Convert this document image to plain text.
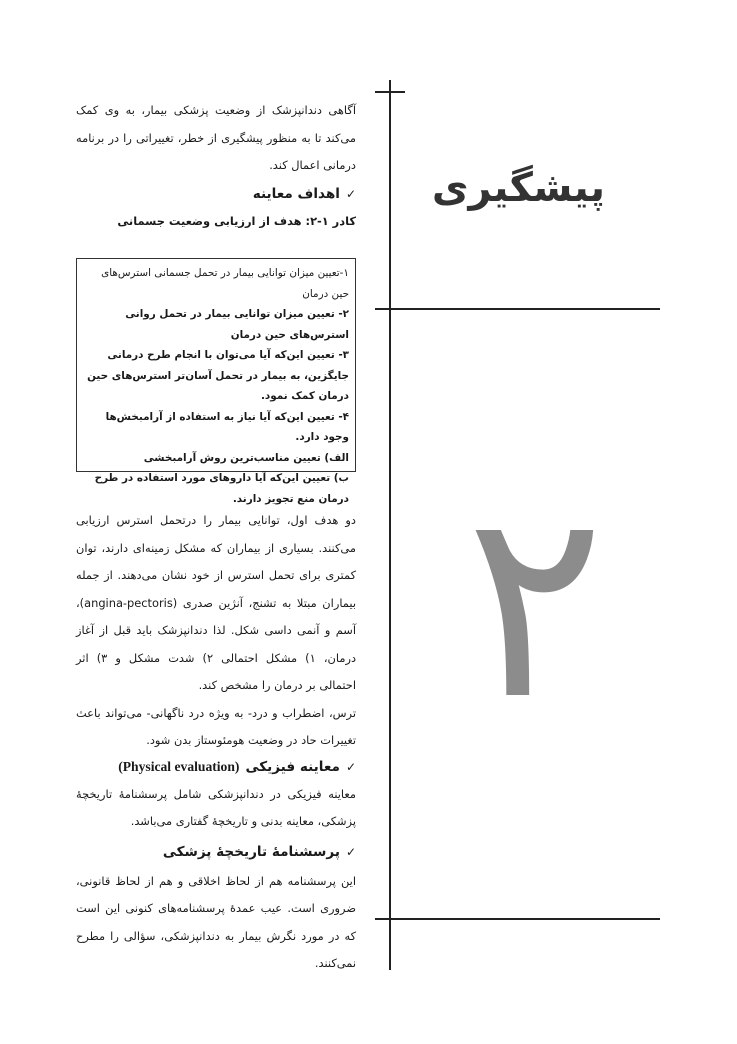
پیشگیری
۲

آگاهی دندانپزشک از وضعیت پزشکی بیمار، به وی کمک می‌کند تا به منظور پیشگیری از خطر، تغییراتی را در برنامه درمانی اعمال کند.

✓
اهداف معاینه

کادر ۱-۲: هدف از ارزیابی وضعیت جسمانی

۱-تعیین میزان توانایی بیمار در تحمل جسمانی استرس‌های حین درمان

۲- تعیین میزان توانایی بیمار در تحمل روانی استرس‌های حین درمان

۳- تعیین این‌که آیا می‌توان با انجام طرح درمانی جایگزین، به بیمار در تحمل آسان‌تر استرس‌های حین درمان کمک نمود.

۴- تعیین این‌که آیا نیاز به استفاده از آرامبخش‌ها وجود دارد.

الف) تعیین مناسب‌ترین روش آرامبخشی

ب) تعیین این‌که آیا داروهای مورد استفاده در طرح درمان منع تجویز دارند.

دو هدف اول، توانایی بیمار را درتحمل استرس ارزیابی می‌کنند. بسیاری از بیماران که مشکل زمینه‌ای دارند، توان کمتری برای تحمل استرس از خود نشان می‌دهند. از جمله بیماران مبتلا به تشنج، آنژین صدری (angina-pectoris)، آسم و آنمی داسی شکل. لذا دندانپزشک باید قبل از آغاز درمان، ۱) مشکل احتمالی ۲) شدت مشکل و ۳) اثر احتمالی بر درمان را مشخص کند.

ترس، اضطراب و درد- به ویژه درد ناگهانی- می‌تواند باعث تغییرات حاد در وضعیت هومئوستاز بدن شود.

✓
معاینه فیزیکی
(Physical evaluation)

معاینه فیزیکی در دندانپزشکی شامل پرسشنامهٔ تاریخچهٔ پزشکی، معاینه بدنی و تاریخچهٔ گفتاری می‌باشد.

✓
پرسشنامهٔ تاریخچهٔ پزشکی

این پرسشنامه هم از لحاظ اخلاقی و هم از لحاظ قانونی، ضروری است. عیب عمدهٔ پرسشنامه‌های کنونی این است که در مورد نگرش بیمار به دندانپزشکی، سؤالی را مطرح نمی‌کنند.
